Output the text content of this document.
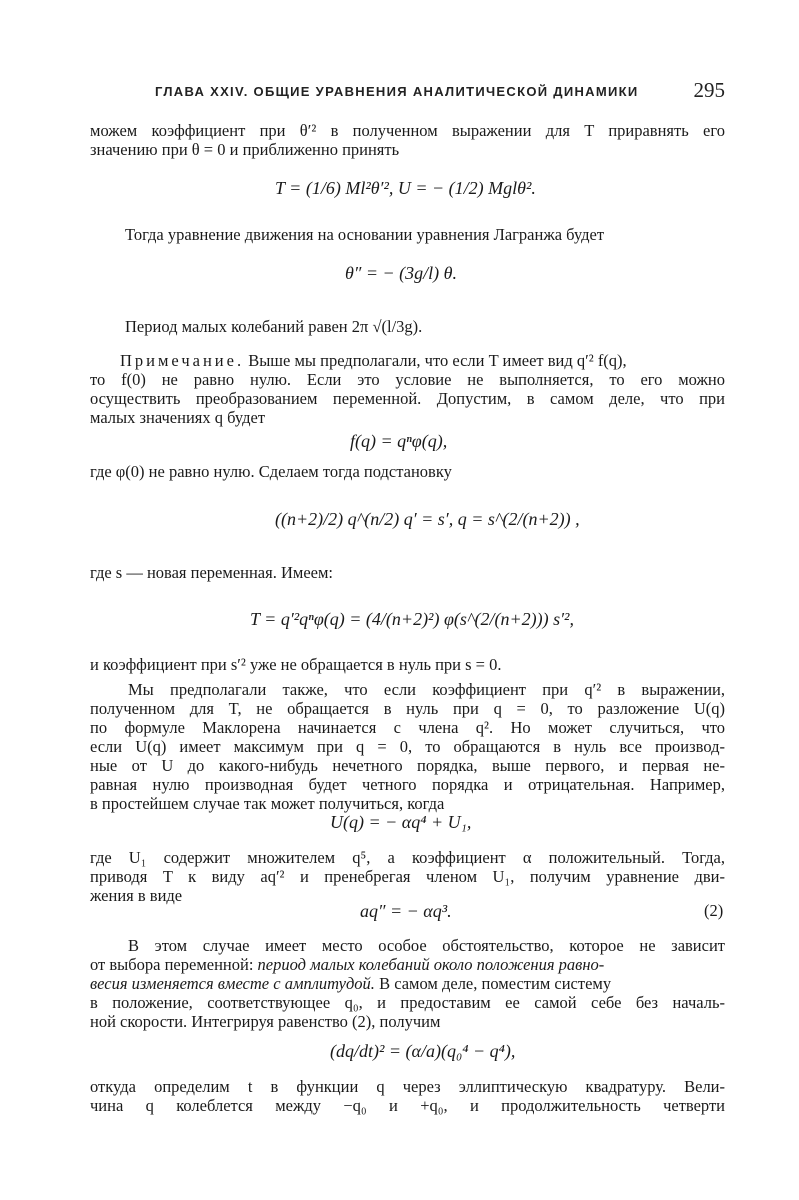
ГЛАВА XXIV. ОБЩИЕ УРАВНЕНИЯ АНАЛИТИЧЕСКОЙ ДИНАМИКИ	295
можем коэффициент при θ′² в полученном выражении для T приравнять его
значению при θ = 0 и приближенно принять
T = (1/6) Ml²θ′², U = − (1/2) Mglθ².
Тогда уравнение движения на основании уравнения Лагранжа будет
θ″ = − (3g/l) θ.
Период малых колебаний равен 2π √(l/3g).
Примечание. Выше мы предполагали, что если T имеет вид q′² f(q),
то f(0) не равно нулю. Если это условие не выполняется, то его можно
осуществить преобразованием переменной. Допустим, в самом деле, что при
малых значениях q будет
f(q) = qⁿφ(q),
где φ(0) не равно нулю. Сделаем тогда подстановку
((n+2)/2) q^(n/2) q′ = s′, q = s^(2/(n+2)) ,
где s — новая переменная. Имеем:
T = q′²qⁿφ(q) = (4/(n+2)²) φ(s^(2/(n+2))) s′²,
и коэффициент при s′² уже не обращается в нуль при s = 0.
Мы предполагали также, что если коэффициент при q′² в выражении,
полученном для T, не обращается в нуль при q = 0, то разложение U(q)
по формуле Маклорена начинается с члена q². Но может случиться, что
если U(q) имеет максимум при q = 0, то обращаются в нуль все производ-
ные от U до какого-нибудь нечетного порядка, выше первого, и первая не-
равная нулю производная будет четного порядка и отрицательная. Например,
в простейшем случае так может получиться, когда
U(q) = − αq⁴ + U₁,
где U₁ содержит множителем q⁵, а коэффициент α положительный. Тогда,
приводя T к виду aq′² и пренебрегая членом U₁, получим уравнение дви-
жения в виде
aq″ = − αq³.	(2)
В этом случае имеет место особое обстоятельство, которое не зависит
от выбора переменной: период малых колебаний около положения равно-
весия изменяется вместе с амплитудой. В самом деле, поместим систему
в положение, соответствующее q₀, и предоставим ее самой себе без началь-
ной скорости. Интегрируя равенство (2), получим
(dq/dt)² = (α/a)(q₀⁴ − q⁴),
откуда определим t в функции q через эллиптическую квадратуру. Вели-
чина q колеблется между −q₀ и +q₀, и продолжительность четверти
